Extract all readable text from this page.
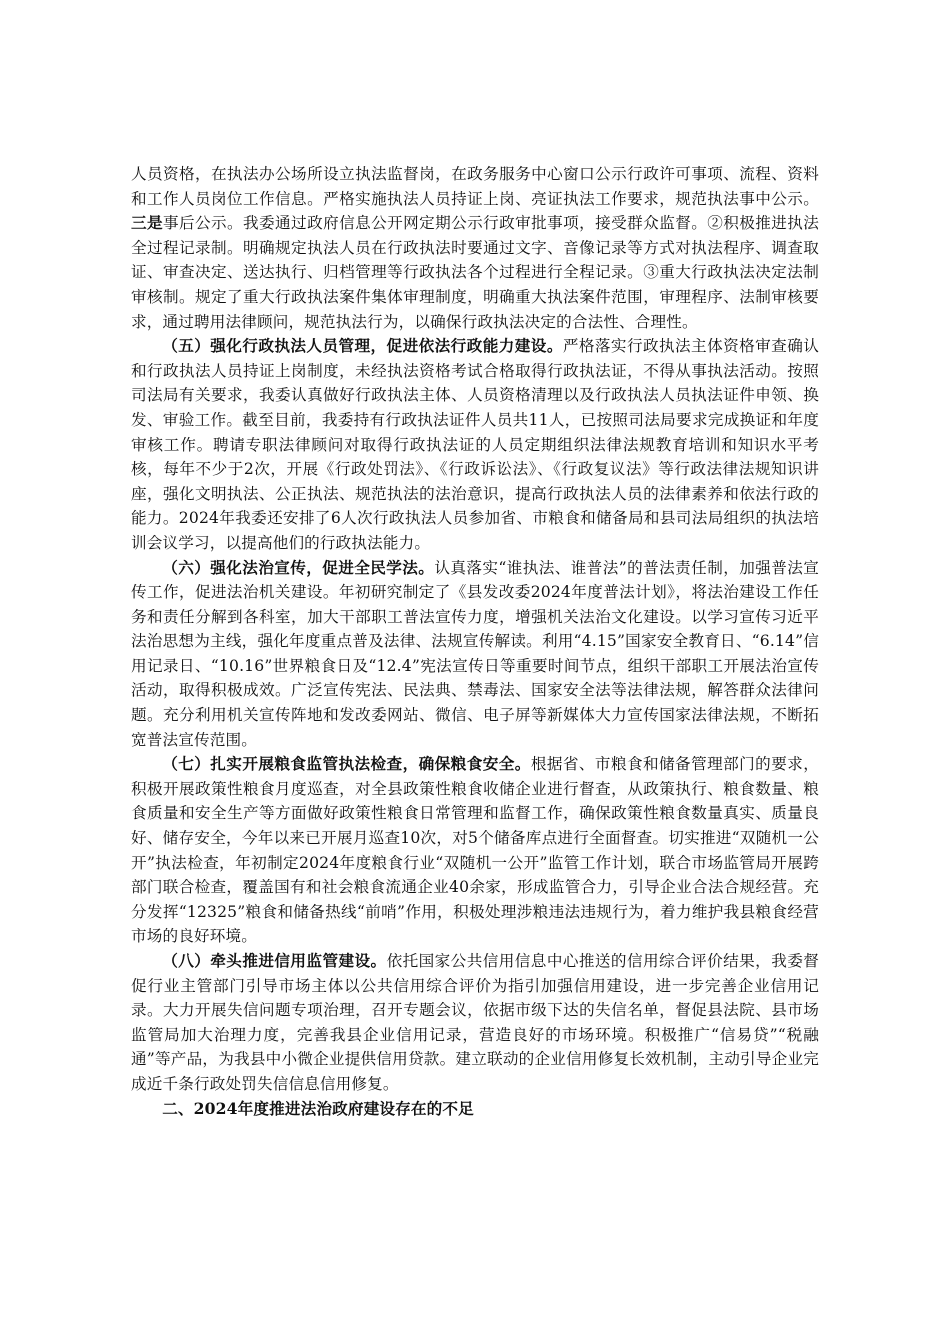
人员资格，在执法办公场所设立执法监督岗，在政务服务中心窗口公示行政许可事项、流程、资料和工作人员岗位工作信息。严格实施执法人员持证上岗、亮证执法工作要求，规范执法事中公示。三是事后公示。我委通过政府信息公开网定期公示行政审批事项，接受群众监督。②积极推进执法全过程记录制。明确规定执法人员在行政执法时要通过文字、音像记录等方式对执法程序、调查取证、审查决定、送达执行、归档管理等行政执法各个过程进行全程记录。③重大行政执法决定法制审核制。规定了重大行政执法案件集体审理制度，明确重大执法案件范围，审理程序、法制审核要求，通过聘用法律顾问，规范执法行为，以确保行政执法决定的合法性、合理性。

（五）强化行政执法人员管理，促进依法行政能力建设。严格落实行政执法主体资格审查确认和行政执法人员持证上岗制度，未经执法资格考试合格取得行政执法证，不得从事执法活动。按照司法局有关要求，我委认真做好行政执法主体、人员资格清理以及行政执法人员执法证件申领、换发、审验工作。截至目前，我委持有行政执法证件人员共11人，已按照司法局要求完成换证和年度审核工作。聘请专职法律顾问对取得行政执法证的人员定期组织法律法规教育培训和知识水平考核，每年不少于2次，开展《行政处罚法》、《行政诉讼法》、《行政复议法》等行政法律法规知识讲座，强化文明执法、公正执法、规范执法的法治意识，提高行政执法人员的法律素养和依法行政的能力。2024年我委还安排了6人次行政执法人员参加省、市粮食和储备局和县司法局组织的执法培训会议学习，以提高他们的行政执法能力。

（六）强化法治宣传，促进全民学法。认真落实“谁执法、谁普法”的普法责任制，加强普法宣传工作，促进法治机关建设。年初研究制定了《县发改委2024年度普法计划》，将法治建设工作任务和责任分解到各科室，加大干部职工普法宣传力度，增强机关法治文化建设。以学习宣传习近平法治思想为主线，强化年度重点普及法律、法规宣传解读。利用“4.15”国家安全教育日、“6.14”信用记录日、“10.16”世界粮食日及“12.4”宪法宣传日等重要时间节点，组织干部职工开展法治宣传活动，取得积极成效。广泛宣传宪法、民法典、禁毒法、国家安全法等法律法规，解答群众法律问题。充分利用机关宣传阵地和发改委网站、微信、电子屏等新媒体大力宣传国家法律法规，不断拓宽普法宣传范围。

（七）扎实开展粮食监管执法检查，确保粮食安全。根据省、市粮食和储备管理部门的要求，积极开展政策性粮食月度巡查，对全县政策性粮食收储企业进行督查，从政策执行、粮食数量、粮食质量和安全生产等方面做好政策性粮食日常管理和监督工作，确保政策性粮食数量真实、质量良好、储存安全，今年以来已开展月巡查10次，对5个储备库点进行全面督查。切实推进“双随机一公开”执法检查，年初制定2024年度粮食行业“双随机一公开”监管工作计划，联合市场监管局开展跨部门联合检查，覆盖国有和社会粮食流通企业40余家，形成监管合力，引导企业合法合规经营。充分发挥“12325”粮食和储备热线“前哨”作用，积极处理涉粮违法违规行为，着力维护我县粮食经营市场的良好环境。

（八）牵头推进信用监管建设。依托国家公共信用信息中心推送的信用综合评价结果，我委督促行业主管部门引导市场主体以公共信用综合评价为指引加强信用建设，进一步完善企业信用记录。大力开展失信问题专项治理，召开专题会议，依据市级下达的失信名单，督促县法院、县市场监管局加大治理力度，完善我县企业信用记录，营造良好的市场环境。积极推广“信易贷”“税融通”等产品，为我县中小微企业提供信用贷款。建立联动的企业信用修复长效机制，主动引导企业完成近千条行政处罚失信信息信用修复。

二、2024年度推进法治政府建设存在的不足
